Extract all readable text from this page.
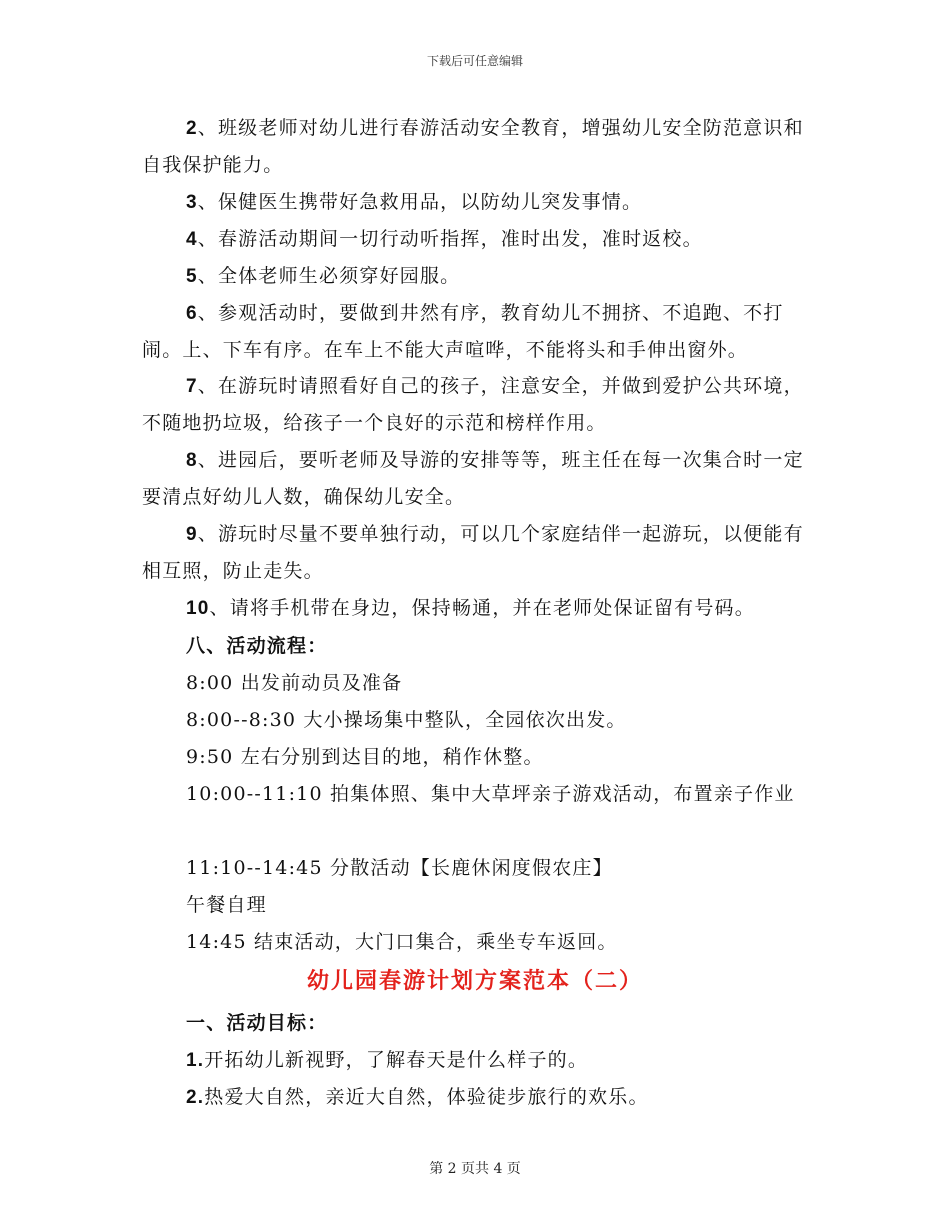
下载后可任意编辑
2、班级老师对幼儿进行春游活动安全教育，增强幼儿安全防范意识和自我保护能力。
3、保健医生携带好急救用品，以防幼儿突发事情。
4、春游活动期间一切行动听指挥，准时出发，准时返校。
5、全体老师生必须穿好园服。
6、参观活动时，要做到井然有序，教育幼儿不拥挤、不追跑、不打闹。上、下车有序。在车上不能大声喧哗，不能将头和手伸出窗外。
7、在游玩时请照看好自己的孩子，注意安全，并做到爱护公共环境，不随地扔垃圾，给孩子一个良好的示范和榜样作用。
8、进园后，要听老师及导游的安排等等，班主任在每一次集合时一定要清点好幼儿人数，确保幼儿安全。
9、游玩时尽量不要单独行动，可以几个家庭结伴一起游玩，以便能有相互照，防止走失。
10、请将手机带在身边，保持畅通，并在老师处保证留有号码。
八、活动流程：
8:00 出发前动员及准备
8:00--8:30 大小操场集中整队，全园依次出发。
9:50 左右分别到达目的地，稍作休整。
10:00--11:10 拍集体照、集中大草坪亲子游戏活动，布置亲子作业
11:10--14:45 分散活动【长鹿休闲度假农庄】
午餐自理
14:45 结束活动，大门口集合，乘坐专车返回。
幼儿园春游计划方案范本（二）
一、活动目标：
1.开拓幼儿新视野，了解春天是什么样子的。
2.热爱大自然，亲近大自然，体验徒步旅行的欢乐。
第 2 页共 4 页
